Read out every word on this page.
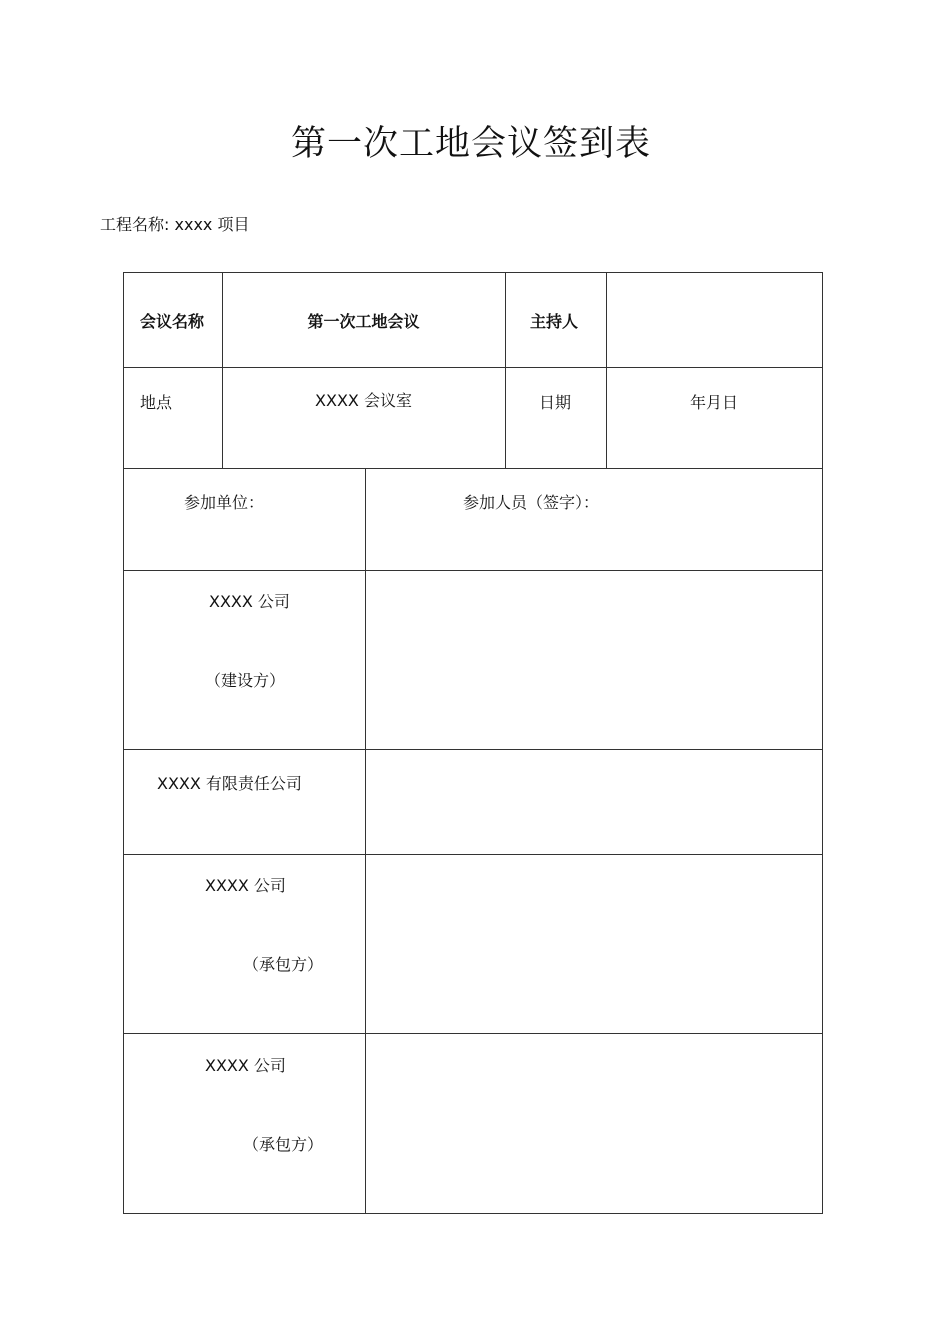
第一次工地会议签到表
工程名称: xxxx 项目
会议名称	第一次工地会议	主持人
地点	XXXX 会议室	日期	年月日
参加单位：	参加人员（签字）：
XXXX 公司
（建设方）
XXXX 有限责任公司
XXXX 公司
（承包方）
XXXX 公司
（承包方）
